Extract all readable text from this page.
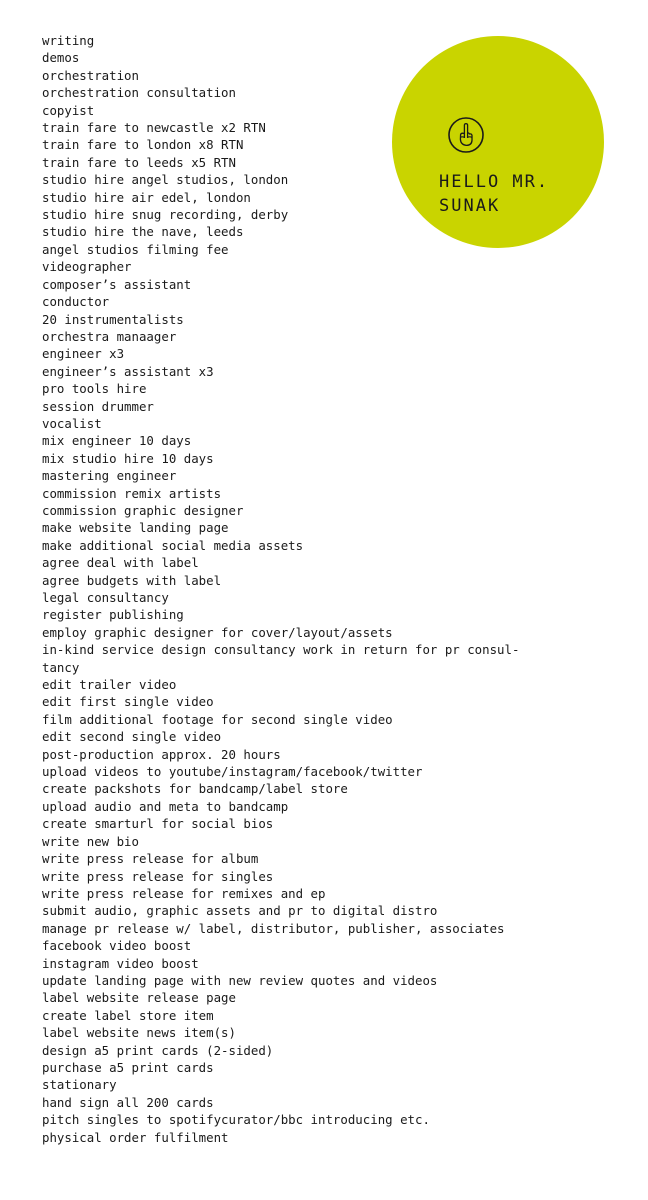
writing
demos
orchestration
orchestration consultation
copyist
train fare to newcastle x2 RTN
train fare to london x8 RTN
train fare to leeds x5 RTN
studio hire angel studios, london
studio hire air edel, london
studio hire snug recording, derby
studio hire the nave, leeds
angel studios filming fee
videographer
composer’s assistant
conductor
20 instrumentalists
orchestra manaager
engineer x3
engineer’s assistant x3
pro tools hire
session drummer
vocalist
mix engineer 10 days
mix studio hire 10 days
mastering engineer
commission remix artists
commission graphic designer
make website landing page
make additional social media assets
agree deal with label
agree budgets with label
legal consultancy
register publishing
employ graphic designer for cover/layout/assets
in-kind service design consultancy work in return for pr consul-
tancy
edit trailer video
edit first single video
film additional footage for second single video
edit second single video
post-production approx. 20 hours
upload videos to youtube/instagram/facebook/twitter
create packshots for bandcamp/label store
upload audio and meta to bandcamp
create smarturl for social bios
write new bio
write press release for album
write press release for singles
write press release for remixes and ep
submit audio, graphic assets and pr to digital distro
manage pr release w/ label, distributor, publisher, associates
facebook video boost
instagram video boost
update landing page with new review quotes and videos
label website release page
create label store item
label website news item(s)
design a5 print cards (2-sided)
purchase a5 print cards
stationary
hand sign all 200 cards
pitch singles to spotifycurator/bbc introducing etc.
physical order fulfilment
HELLO MR.
SUNAK
